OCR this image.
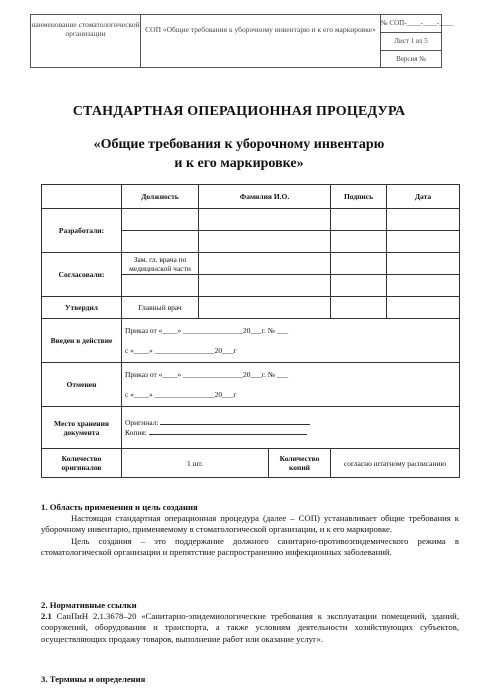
наименование стоматологической организации	СОП «Общие требования к уборочному инвентарю и к его маркировке»
№ СОП-____-____-____
Лист 1 из 5
Версия №
СТАНДАРТНАЯ ОПЕРАЦИОННАЯ ПРОЦЕДУРА
«Общие требования к уборочному инвентарю
и к его маркировке»
	Должность	Фамилия И.О.		Подпись	Дата
Разработали:					

Согласовали:	Зам. гл. врача по медицинской части				

Утвердил	Главный врач				
Введен в действие	Приказ от «____» ________________20___г. № ___
с «____» ________________20___г				

Отменен	Приказ от «____» ________________20___г. № ___
с «____» ________________20___г				

Место хранения документа	Оригинал:
Копия:				

Количество оригиналов	1 шт.		Количество копий	согласно штатному расписанию	
1. Область применения и цель создания
Настоящая стандартная операционная процедура (далее – СОП) устанавливает общие требования к уборочному инвентарю, применяемому в стоматологической организации, и к его маркировке.
Цель создания – это поддержание должного санитарно-противоэпидемического режима в стоматологической организации и препятствие распространению инфекционных заболеваний.
2. Нормативные ссылки
2.1 СанПиН 2.1.3678–20 «Санитарно-эпидемиологические требования к эксплуатации помещений, зданий, сооружений, оборудования и транспорта, а также условиям деятельности хозяйствующих субъектов, осуществляющих продажу товаров, выполнение работ или оказание услуг».
3. Термины и определения
